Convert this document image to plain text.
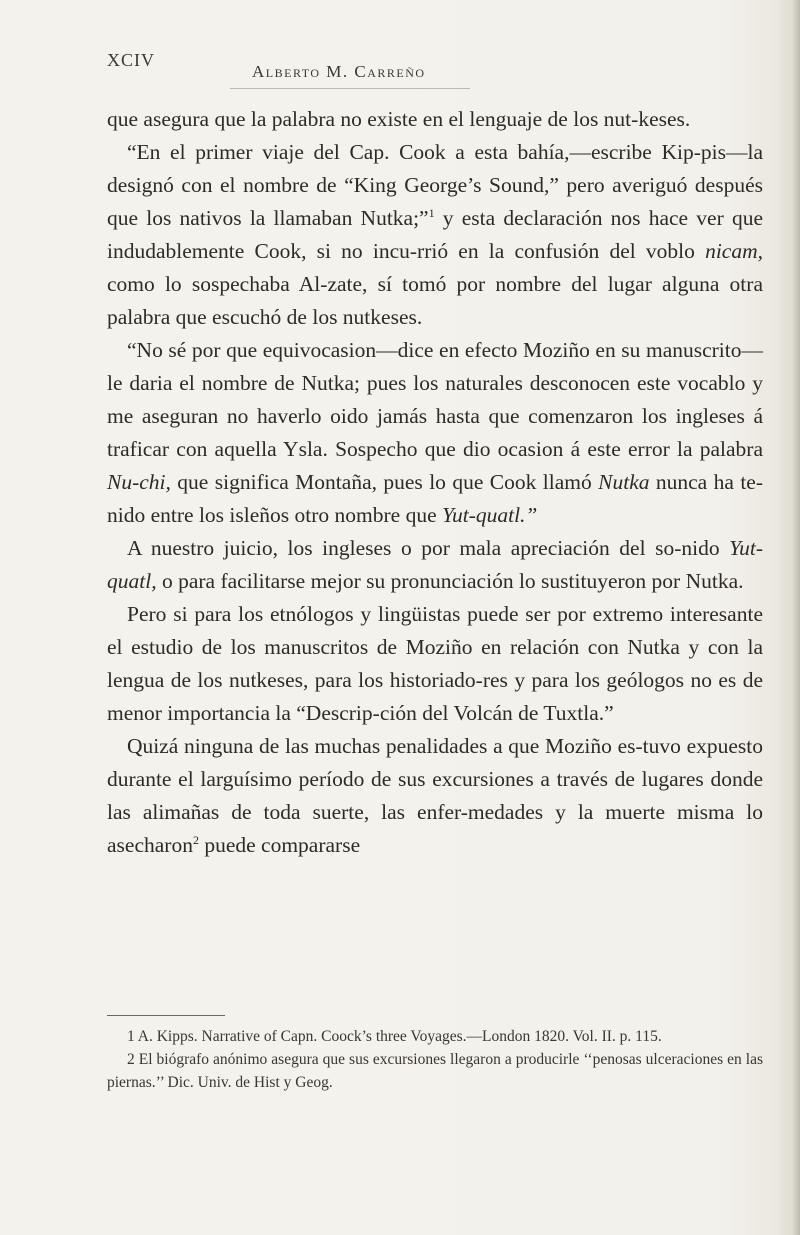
XCIV
Alberto M. Carreño

que asegura que la palabra no existe en el lenguaje de los nut-keses.

“En el primer viaje del Cap. Cook a esta bahía,—escribe Kip-pis—la designó con el nombre de “King George’s Sound,” pero averiguó después que los nativos la llamaban Nutka;”$^1$ y esta declaración nos hace ver que indudablemente Cook, si no incu-rrió en la confusión del voblo nicam, como lo sospechaba Al-zate, sí tomó por nombre del lugar alguna otra palabra que escuchó de los nutkeses.

“No sé por que equivocasion—dice en efecto Moziño en su manuscrito—le daria el nombre de Nutka; pues los naturales desconocen este vocablo y me aseguran no haverlo oido jamás hasta que comenzaron los ingleses á traficar con aquella Ysla. Sospecho que dio ocasion á este error la palabra Nu-chi, que significa Montaña, pues lo que Cook llamó Nutka nunca ha te-nido entre los isleños otro nombre que Yut-quatl.”

A nuestro juicio, los ingleses o por mala apreciación del so-nido Yut-quatl, o para facilitarse mejor su pronunciación lo sustituyeron por Nutka.

Pero si para los etnólogos y lingüistas puede ser por extremo interesante el estudio de los manuscritos de Moziño en relación con Nutka y con la lengua de los nutkeses, para los historiado-res y para los geólogos no es de menor importancia la “Descrip-ción del Volcán de Tuxtla.”

Quizá ninguna de las muchas penalidades a que Moziño es-tuvo expuesto durante el larguísimo período de sus excursiones a través de lugares donde las alimañas de toda suerte, las enfer-medades y la muerte misma lo asecharon$^2$ puede compararse

1 A. Kipps. Narrative of Capn. Coock’s three Voyages.—London 1820. Vol. II. p. 115.

2 El biógrafo anónimo asegura que sus excursiones llegaron a producirle ‘‘penosas ulceraciones en las piernas.’’ Dic. Univ. de Hist y Geog.
